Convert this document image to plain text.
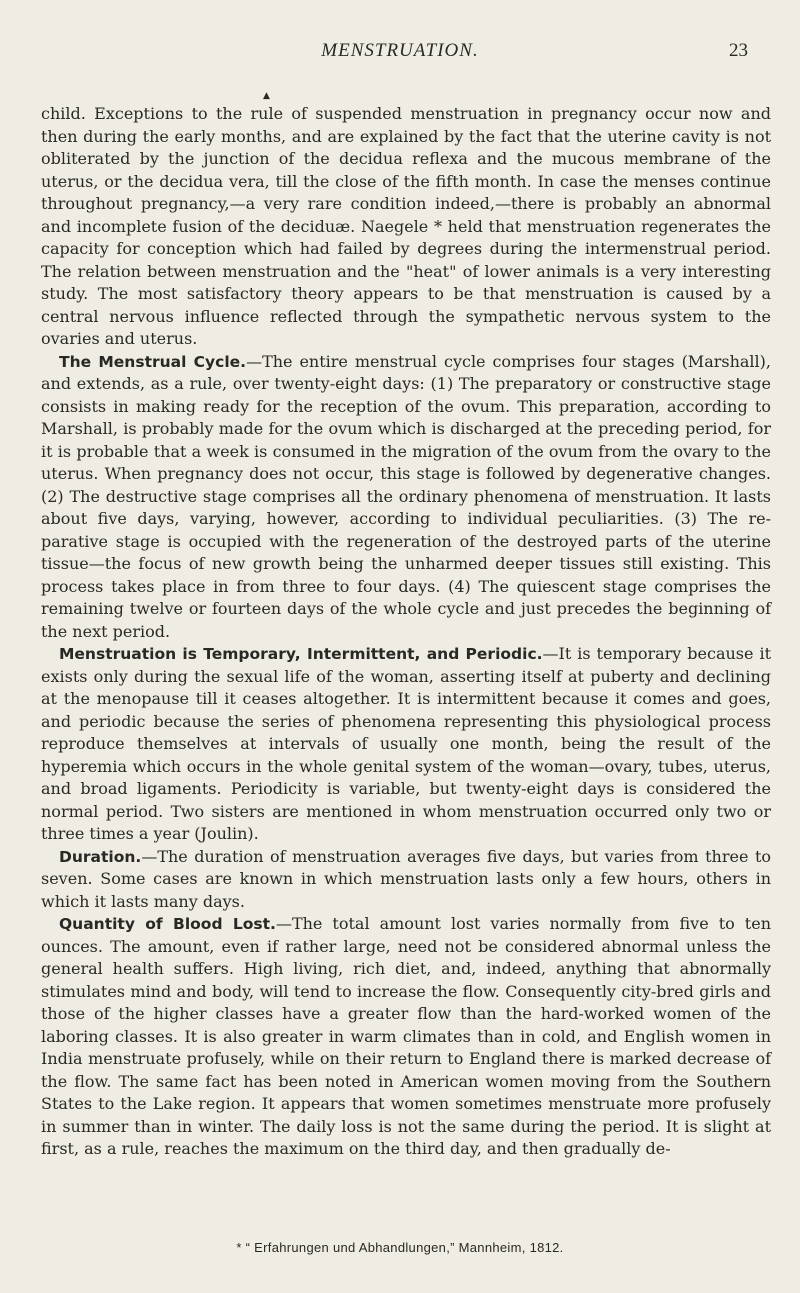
MENSTRUATION.	23
▲

child. Exceptions to the rule of suspended menstruation in pregnancy occur now and then during the early months, and are explained by the fact that the uterine cavity is not obliterated by the junction of the decidua reflexa and the mucous membrane of the uterus, or the decidua vera, till the close of the fifth month. In case the menses continue throughout pregnancy,—a very rare condition indeed,—there is probably an abnormal and incomplete fusion of the deciduæ. Naegele * held that menstruation regenerates the capacity for conception which had failed by degrees during the intermenstrual period. The relation between menstruation and the "heat" of lower animals is a very interesting study. The most satisfactory theory appears to be that menstruation is caused by a central nervous influence reflected through the sympathetic nervous system to the ovaries and uterus.

The Menstrual Cycle.—The entire menstrual cycle comprises four stages (Marshall), and extends, as a rule, over twenty-eight days: (1) The preparatory or constructive stage consists in making ready for the reception of the ovum. This preparation, according to Marshall, is probably made for the ovum which is discharged at the preceding period, for it is probable that a week is consumed in the migration of the ovum from the ovary to the uterus. When pregnancy does not occur, this stage is followed by degenerative changes. (2) The destructive stage comprises all the ordinary phenomena of menstruation. It lasts about five days, varying, however, according to individual peculiarities. (3) The reparative stage is occupied with the regeneration of the destroyed parts of the uterine tissue—the focus of new growth being the unharmed deeper tissues still existing. This process takes place in from three to four days. (4) The quiescent stage comprises the remaining twelve or fourteen days of the whole cycle and just precedes the beginning of the next period.

Menstruation is Temporary, Intermittent, and Periodic.—It is temporary because it exists only during the sexual life of the woman, asserting itself at puberty and declining at the menopause till it ceases altogether. It is intermittent because it comes and goes, and periodic because the series of phenomena representing this physiological process reproduce themselves at intervals of usually one month, being the result of the hyperemia which occurs in the whole genital system of the woman—ovary, tubes, uterus, and broad ligaments. Periodicity is variable, but twenty-eight days is considered the normal period. Two sisters are mentioned in whom menstruation occurred only two or three times a year (Joulin).

Duration.—The duration of menstruation averages five days, but varies from three to seven. Some cases are known in which menstruation lasts only a few hours, others in which it lasts many days.

Quantity of Blood Lost.—The total amount lost varies normally from five to ten ounces. The amount, even if rather large, need not be considered abnormal unless the general health suffers. High living, rich diet, and, indeed, anything that abnormally stimulates mind and body, will tend to increase the flow. Consequently city-bred girls and those of the higher classes have a greater flow than the hard-worked women of the laboring classes. It is also greater in warm climates than in cold, and English women in India menstruate profusely, while on their return to England there is marked decrease of the flow. The same fact has been noted in American women moving from the Southern States to the Lake region. It appears that women sometimes menstruate more profusely in summer than in winter. The daily loss is not the same during the period. It is slight at first, as a rule, reaches the maximum on the third day, and then gradually de-

* “ Erfahrungen und Abhandlungen,” Mannheim, 1812.
